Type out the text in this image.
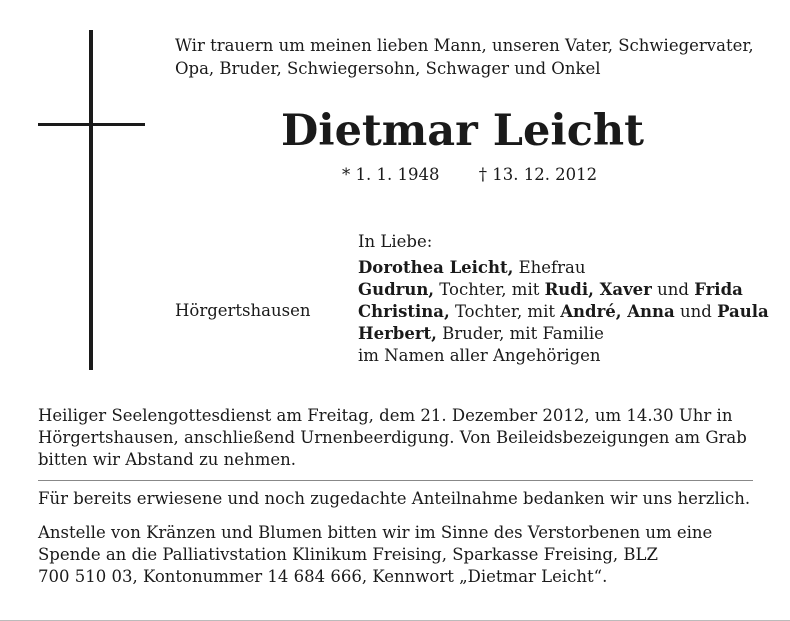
Wir trauern um meinen lieben Mann, unseren Vater, Schwiegervater,
Opa, Bruder, Schwiegersohn, Schwager und Onkel
Dietmar Leicht
* 1. 1. 1948 † 13. 12. 2012
Hörgertshausen
In Liebe:
Dorothea Leicht, Ehefrau
Gudrun, Tochter, mit Rudi, Xaver und Frida
Christina, Tochter, mit André, Anna und Paula
Herbert, Bruder, mit Familie
im Namen aller Angehörigen
Heiliger Seelengottesdienst am Freitag, dem 21. Dezember 2012, um 14.30 Uhr in
Hörgertshausen, anschließend Urnenbeerdigung. Von Beileidsbezeigungen am Grab
bitten wir Abstand zu nehmen.
Für bereits erwiesene und noch zugedachte Anteilnahme bedanken wir uns herzlich.
Anstelle von Kränzen und Blumen bitten wir im Sinne des Verstorbenen um eine
Spende an die Palliativstation Klinikum Freising, Sparkasse Freising, BLZ
700 510 03, Kontonummer 14 684 666, Kennwort „Dietmar Leicht“.
